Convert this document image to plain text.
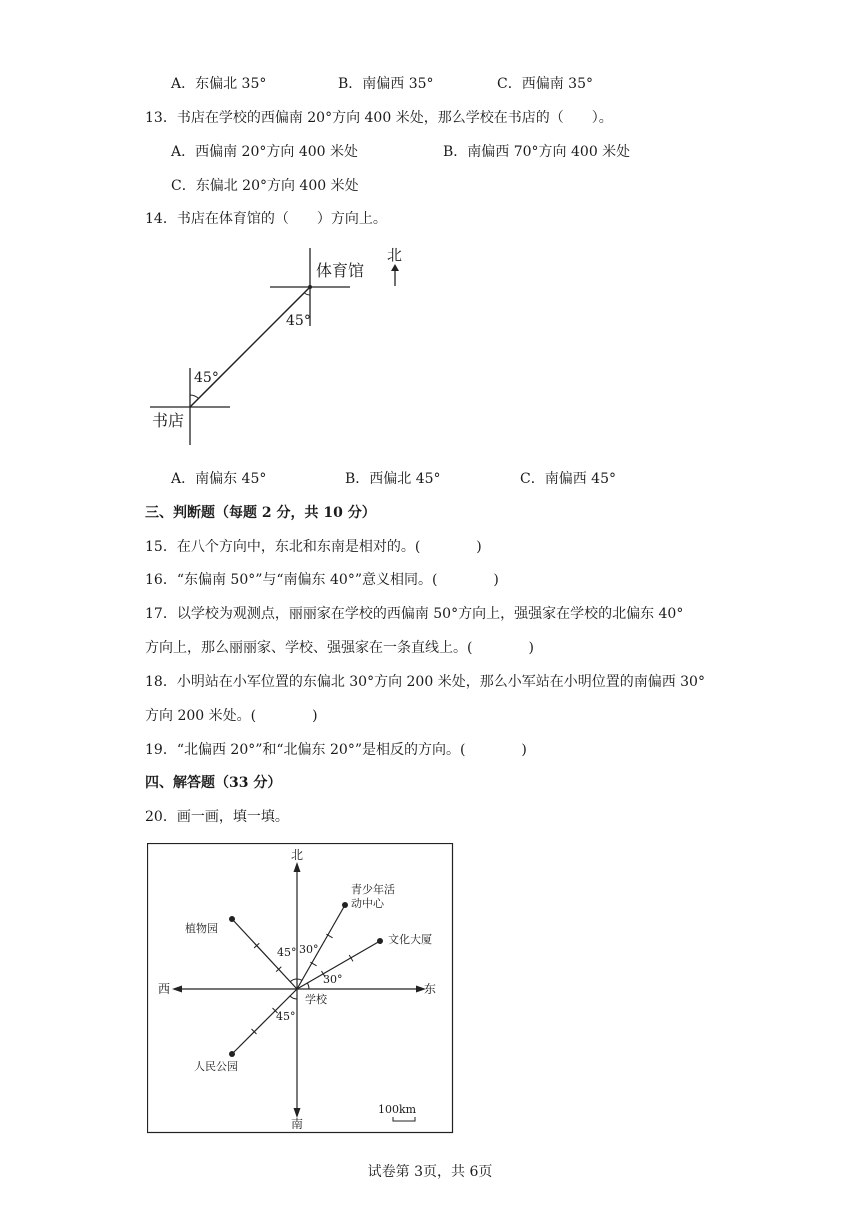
A．东偏北 35°	B．南偏西 35°	C．西偏南 35°
13．书店在学校的西偏南 20°方向 400 米处，那么学校在书店的（　　）。
A．西偏南 20°方向 400 米处	B．南偏西 70°方向 400 米处
C．东偏北 20°方向 400 米处
14．书店在体育馆的（　　）方向上。
北
体育馆
45°
45°
书店
A．南偏东 45°	B．西偏北 45°	C．南偏西 45°
三、判断题（每题 2 分，共 10 分）
15．在八个方向中，东北和东南是相对的。(　　　　)
16．“东偏南 50°”与“南偏东 40°”意义相同。(　　　　)
17．以学校为观测点，丽丽家在学校的西偏南 50°方向上，强强家在学校的北偏东 40°
方向上，那么丽丽家、学校、强强家在一条直线上。(　　　　)
18．小明站在小军位置的东偏北 30°方向 200 米处，那么小军站在小明位置的南偏西 30°
方向 200 米处。(　　　　)
19．“北偏西 20°”和“北偏东 20°”是相反的方向。(　　　　)
四、解答题（33 分）
20．画一画，填一填。
北
南
西	东
学校
青少年活
动中心
文化大厦
植物园
人民公园
45° 30°
30°
45°
100km
试卷第 3页，共 6页
